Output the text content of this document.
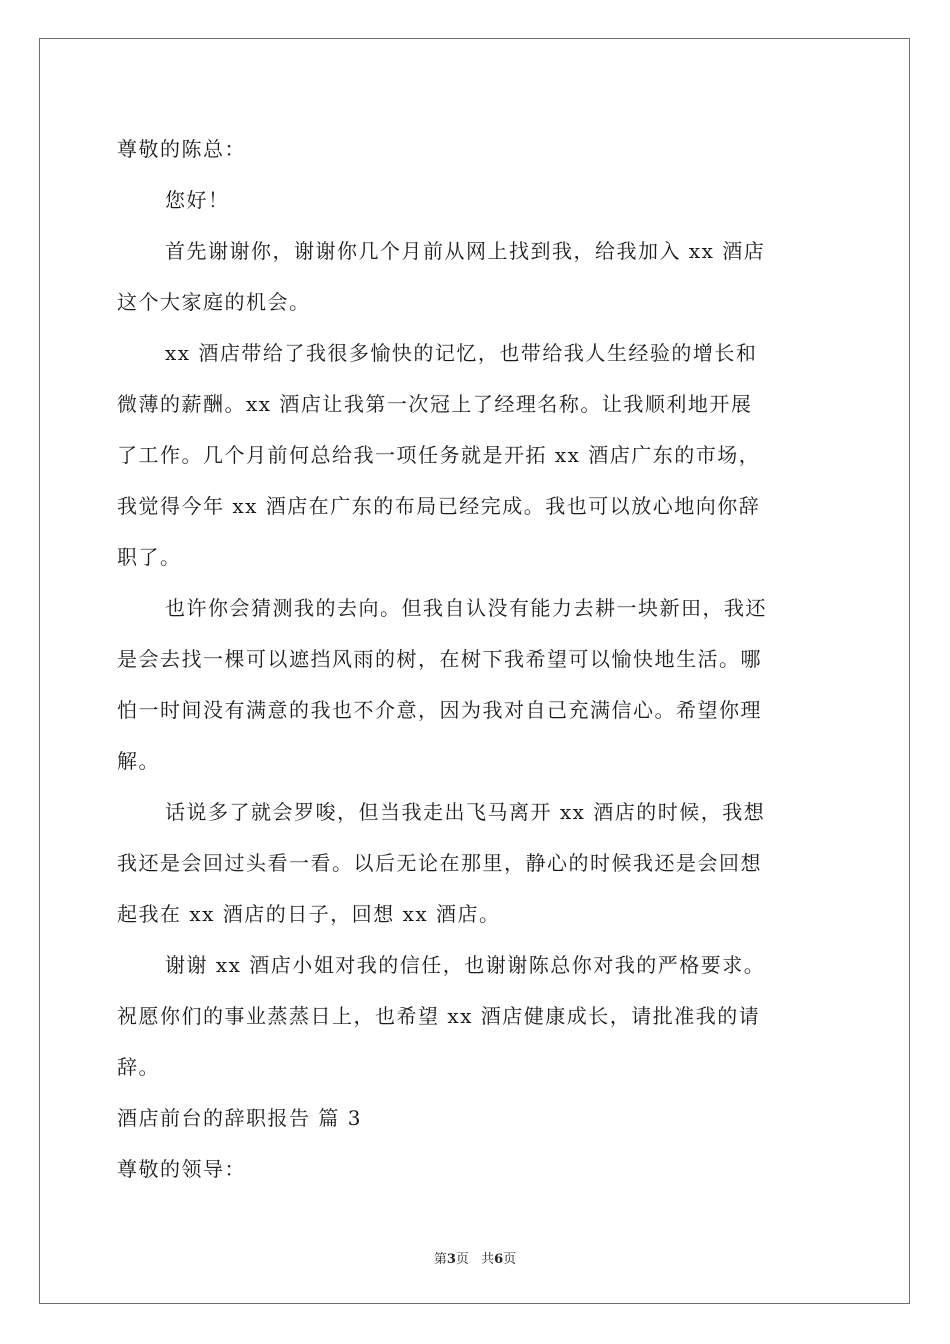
尊敬的陈总：
您好！
首先谢谢你，谢谢你几个月前从网上找到我，给我加入 xx 酒店
这个大家庭的机会。
xx 酒店带给了我很多愉快的记忆，也带给我人生经验的增长和
微薄的薪酬。xx 酒店让我第一次冠上了经理名称。让我顺利地开展
了工作。几个月前何总给我一项任务就是开拓 xx 酒店广东的市场，
我觉得今年 xx 酒店在广东的布局已经完成。我也可以放心地向你辞
职了。
也许你会猜测我的去向。但我自认没有能力去耕一块新田，我还
是会去找一棵可以遮挡风雨的树，在树下我希望可以愉快地生活。哪
怕一时间没有满意的我也不介意，因为我对自己充满信心。希望你理
解。
话说多了就会罗唆，但当我走出飞马离开 xx 酒店的时候，我想
我还是会回过头看一看。以后无论在那里，静心的时候我还是会回想
起我在 xx 酒店的日子，回想 xx 酒店。
谢谢 xx 酒店小姐对我的信任，也谢谢陈总你对我的严格要求。
祝愿你们的事业蒸蒸日上，也希望 xx 酒店健康成长，请批准我的请
辞。
酒店前台的辞职报告 篇 3
尊敬的领导：
第3页 共6页
